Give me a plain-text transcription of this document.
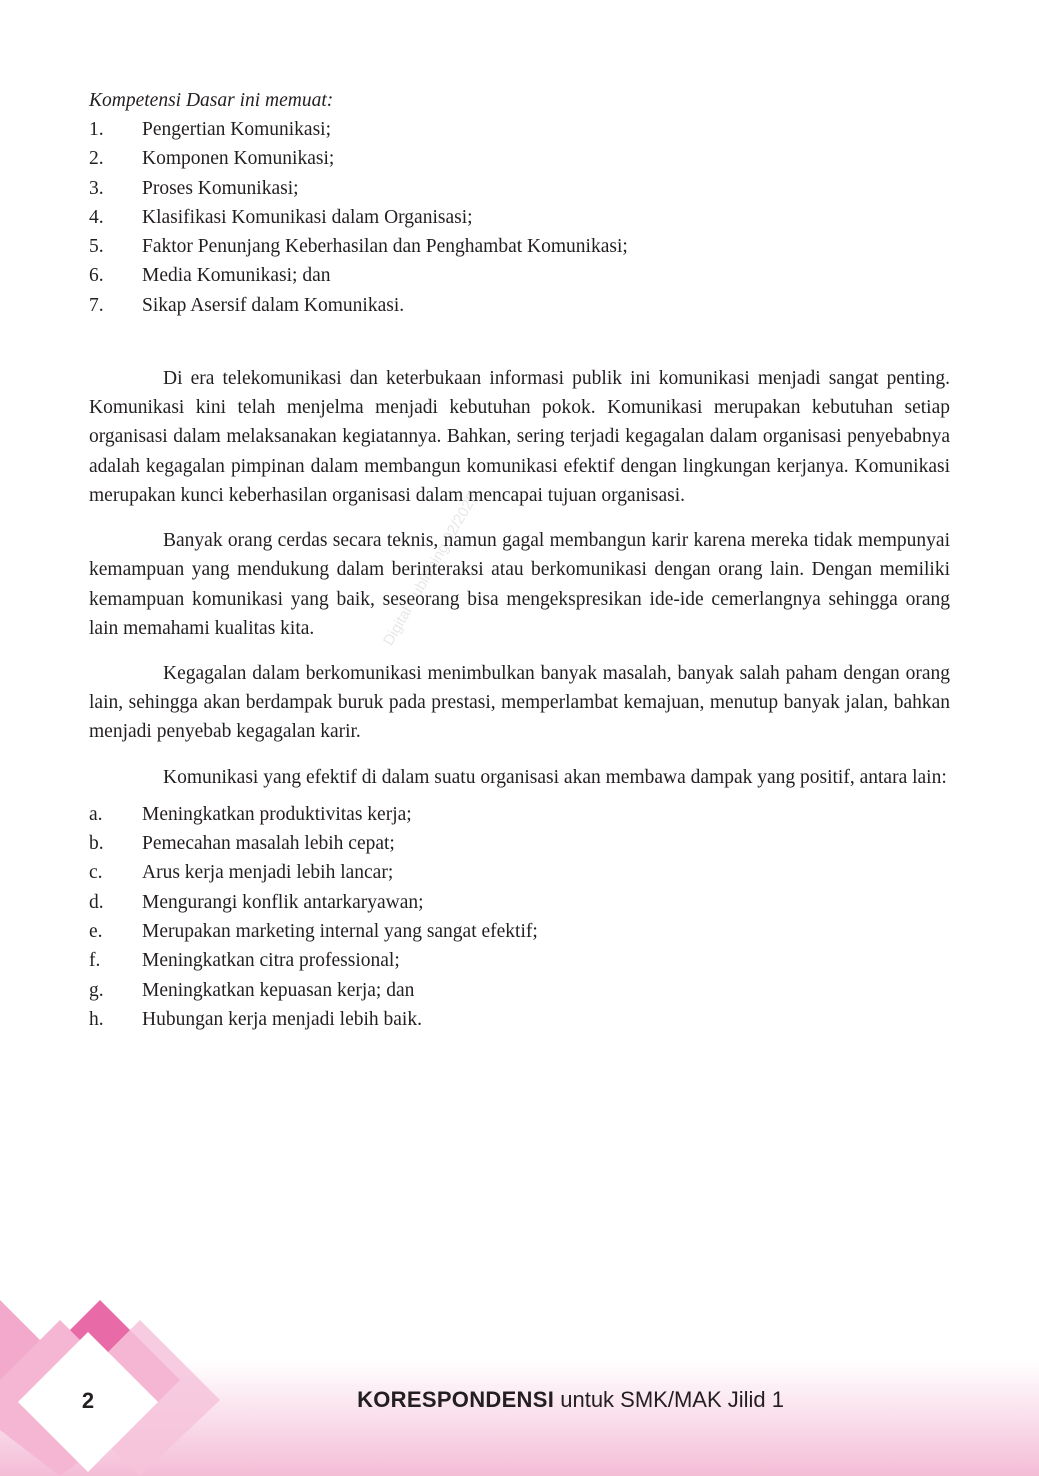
Kompetensi Dasar ini memuat:

1.	Pengertian Komunikasi;
2.	Komponen Komunikasi;
3.	Proses Komunikasi;
4.	Klasifikasi Komunikasi dalam Organisasi;
5.	Faktor Penunjang Keberhasilan dan Penghambat Komunikasi;
6.	Media Komunikasi; dan
7.	Sikap Asersif dalam Komunikasi.

Di era telekomunikasi dan keterbukaan informasi publik ini komunikasi menjadi sangat penting. Komunikasi kini telah menjelma menjadi kebutuhan pokok. Komunikasi merupakan kebutuhan setiap organisasi dalam melaksanakan kegiatannya. Bahkan, sering terjadi kegagalan dalam organisasi penyebabnya adalah kegagalan pimpinan dalam membangun komunikasi efektif dengan lingkungan kerjanya. Komunikasi merupakan kunci keberhasilan organisasi dalam mencapai tujuan organisasi.

Banyak orang cerdas secara teknis, namun gagal membangun karir karena mereka tidak mempunyai kemampuan yang mendukung dalam berinteraksi atau berkomunikasi dengan orang lain. Dengan memiliki kemampuan komunikasi yang baik, seseorang bisa mengekspresikan ide-ide cemerlangnya sehingga orang lain memahami kualitas kita.

Kegagalan dalam berkomunikasi menimbulkan banyak masalah, banyak salah paham dengan orang lain, sehingga akan berdampak buruk pada prestasi, memperlambat kemajuan, menutup banyak jalan, bahkan menjadi penyebab kegagalan karir.

Komunikasi yang efektif di dalam suatu organisasi akan membawa dampak yang positif, antara lain:

a.	Meningkatkan produktivitas kerja;
b.	Pemecahan masalah lebih cepat;
c.	Arus kerja menjadi lebih lancar;
d.	Mengurangi konflik antarkaryawan;
e.	Merupakan marketing internal yang sangat efektif;
f.	Meningkatkan citra professional;
g.	Meningkatkan kepuasan kerja; dan
h.	Hubungan kerja menjadi lebih baik.
Digital Publishing 02/2025
2	KORESPONDENSI untuk SMK/MAK Jilid 1
